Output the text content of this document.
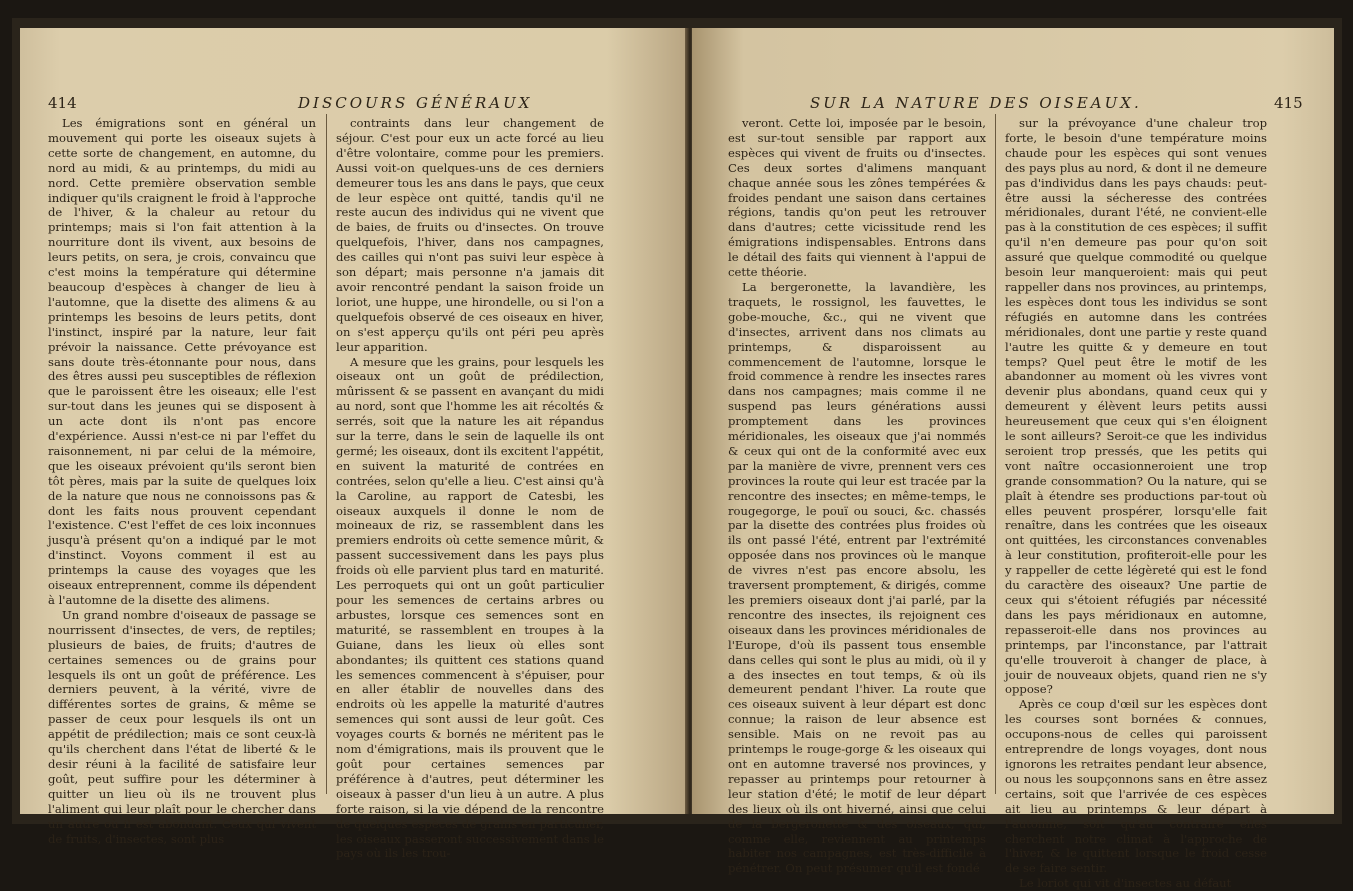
414	DISCOURS GÉNÉRAUX

Les émigrations sont en général un mouvement qui porte les oiseaux sujets à cette sorte de changement, en automne, du nord au midi, & au printemps, du midi au nord. Cette première observation semble indiquer qu'ils craignent le froid à l'approche de l'hiver, & la chaleur au retour du printemps; mais si l'on fait attention à la nourriture dont ils vivent, aux besoins de leurs petits, on sera, je crois, convaincu que c'est moins la température qui détermine beaucoup d'espèces à changer de lieu à l'automne, que la disette des alimens & au printemps les besoins de leurs petits, dont l'instinct, inspiré par la nature, leur fait prévoir la naissance. Cette prévoyance est sans doute très-étonnante pour nous, dans des êtres aussi peu susceptibles de réflexion que le paroissent être les oiseaux; elle l'est sur-tout dans les jeunes qui se disposent à un acte dont ils n'ont pas encore d'expérience. Aussi n'est-ce ni par l'effet du raisonnement, ni par celui de la mémoire, que les oiseaux prévoient qu'ils seront bien tôt pères, mais par la suite de quelques loix de la nature que nous ne connoissons pas & dont les faits nous prouvent cependant l'existence. C'est l'effet de ces loix inconnues jusqu'à présent qu'on a indiqué par le mot d'instinct. Voyons comment il est au printemps la cause des voyages que les oiseaux entreprennent, comme ils dépendent à l'automne de la disette des alimens.

Un grand nombre d'oiseaux de passage se nourrissent d'insectes, de vers, de reptiles; plusieurs de baies, de fruits; d'autres de certaines semences ou de grains pour lesquels ils ont un goût de préférence. Les derniers peuvent, à la vérité, vivre de différentes sortes de grains, & même se passer de ceux pour lesquels ils ont un appétit de prédilection; mais ce sont ceux-là qu'ils cherchent dans l'état de liberté & le desir réuni à la facilité de satisfaire leur goût, peut suffire pour les déterminer à quitter un lieu où ils ne trouvent plus l'aliment qui leur plaît pour le chercher dans un autre où il est abondant. Ceux qui vivent de fruits, d'insectes, sont plus

contraints dans leur changement de séjour. C'est pour eux un acte forcé au lieu d'être volontaire, comme pour les premiers. Aussi voit-on quelques-uns de ces derniers demeurer tous les ans dans le pays, que ceux de leur espèce ont quitté, tandis qu'il ne reste aucun des individus qui ne vivent que de baies, de fruits ou d'insectes. On trouve quelquefois, l'hiver, dans nos campagnes, des cailles qui n'ont pas suivi leur espèce à son départ; mais personne n'a jamais dit avoir rencontré pendant la saison froide un loriot, une huppe, une hirondelle, ou si l'on a quelquefois observé de ces oiseaux en hiver, on s'est apperçu qu'ils ont péri peu après leur apparition.

A mesure que les grains, pour lesquels les oiseaux ont un goût de prédilection, mûrissent & se passent en avançant du midi au nord, sont que l'homme les ait récoltés & serrés, soit que la nature les ait répandus sur la terre, dans le sein de laquelle ils ont germé; les oiseaux, dont ils excitent l'appétit, en suivent la maturité de contrées en contrées, selon qu'elle a lieu. C'est ainsi qu'à la Caroline, au rapport de Catesbi, les oiseaux auxquels il donne le nom de moineaux de riz, se rassemblent dans les premiers endroits où cette semence mûrit, & passent successivement dans les pays plus froids où elle parvient plus tard en maturité. Les perroquets qui ont un goût particulier pour les semences de certains arbres ou arbustes, lorsque ces semences sont en maturité, se rassemblent en troupes à la Guiane, dans les lieux où elles sont abondantes; ils quittent ces stations quand les semences commencent à s'épuiser, pour en aller établir de nouvelles dans des endroits où les appelle la maturité d'autres semences qui sont aussi de leur goût. Ces voyages courts & bornés ne méritent pas le nom d'émigrations, mais ils prouvent que le goût pour certaines semences par préférence à d'autres, peut déterminer les oiseaux à passer d'un lieu à un autre. A plus forte raison, si la vie dépend de la rencontre de quelques espèces de grains en particulier, les oiseaux passeront successivement dans le pays où ils les trou-

SUR LA NATURE DES OISEAUX.	415

veront. Cette loi, imposée par le besoin, est sur-tout sensible par rapport aux espèces qui vivent de fruits ou d'insectes. Ces deux sortes d'alimens manquant chaque année sous les zônes tempérées & froides pendant une saison dans certaines régions, tandis qu'on peut les retrouver dans d'autres; cette vicissitude rend les émigrations indispensables. Entrons dans le détail des faits qui viennent à l'appui de cette théorie.

La bergeronette, la lavandière, les traquets, le rossignol, les fauvettes, le gobe-mouche, &c., qui ne vivent que d'insectes, arrivent dans nos climats au printemps, & disparoissent au commencement de l'automne, lorsque le froid commence à rendre les insectes rares dans nos campagnes; mais comme il ne suspend pas leurs générations aussi promptement dans les provinces méridionales, les oiseaux que j'ai nommés & ceux qui ont de la conformité avec eux par la manière de vivre, prennent vers ces provinces la route qui leur est tracée par la rencontre des insectes; en même-temps, le rougegorge, le pouï ou souci, &c. chassés par la disette des contrées plus froides où ils ont passé l'été, entrent par l'extrémité opposée dans nos provinces où le manque de vivres n'est pas encore absolu, les traversent promptement, & dirigés, comme les premiers oiseaux dont j'ai parlé, par la rencontre des insectes, ils rejoignent ces oiseaux dans les provinces méridionales de l'Europe, d'où ils passent tous ensemble dans celles qui sont le plus au midi, où il y a des insectes en tout temps, & où ils demeurent pendant l'hiver. La route que ces oiseaux suivent à leur départ est donc connue; la raison de leur absence est sensible. Mais on ne revoit pas au printemps le rouge-gorge & les oiseaux qui ont en automne traversé nos provinces, y repasser au printemps pour retourner à leur station d'été; le motif de leur départ des lieux où ils ont hiverné, ainsi que celui de la bergeronette & des oiseaux, qui, comme elle, reviennent au printemps habiter nos campagnes, est très-difficile à pénétrer. On peut présumer qu'il est fondé

sur la prévoyance d'une chaleur trop forte, le besoin d'une température moins chaude pour les espèces qui sont venues des pays plus au nord, & dont il ne demeure pas d'individus dans les pays chauds: peut-être aussi la sécheresse des contrées méridionales, durant l'été, ne convient-elle pas à la constitution de ces espèces; il suffit qu'il n'en demeure pas pour qu'on soit assuré que quelque commodité ou quelque besoin leur manqueroient: mais qui peut rappeller dans nos provinces, au printemps, les espèces dont tous les individus se sont réfugiés en automne dans les contrées méridionales, dont une partie y reste quand l'autre les quitte & y demeure en tout temps? Quel peut être le motif de les abandonner au moment où les vivres vont devenir plus abondans, quand ceux qui y demeurent y élèvent leurs petits aussi heureusement que ceux qui s'en éloignent le sont ailleurs? Seroit-ce que les individus seroient trop pressés, que les petits qui vont naître occasionneroient une trop grande consommation? Ou la nature, qui se plaît à étendre ses productions par-tout où elles peuvent prospérer, lorsqu'elle fait renaître, dans les contrées que les oiseaux ont quittées, les circonstances convenables à leur constitution, profiteroit-elle pour les y rappeller de cette légèreté qui est le fond du caractère des oiseaux? Une partie de ceux qui s'étoient réfugiés par nécessité dans les pays méridionaux en automne, repasseroit-elle dans nos provinces au printemps, par l'inconstance, par l'attrait qu'elle trouveroit à changer de place, à jouir de nouveaux objets, quand rien ne s'y oppose?

Après ce coup d'œil sur les espèces dont les courses sont bornées & connues, occupons-nous de celles qui paroissent entreprendre de longs voyages, dont nous ignorons les retraites pendant leur absence, ou nous les soupçonnons sans en être assez certains, soit que l'arrivée de ces espèces ait lieu au printemps & leur départ à l'automne, soit qu'au contraire elles cherchent notre climat à l'approche de l'hiver, & le quittent lorsque le froid cesse de se faire sentir.

Le loriot qui vit d'insectes au défaut
